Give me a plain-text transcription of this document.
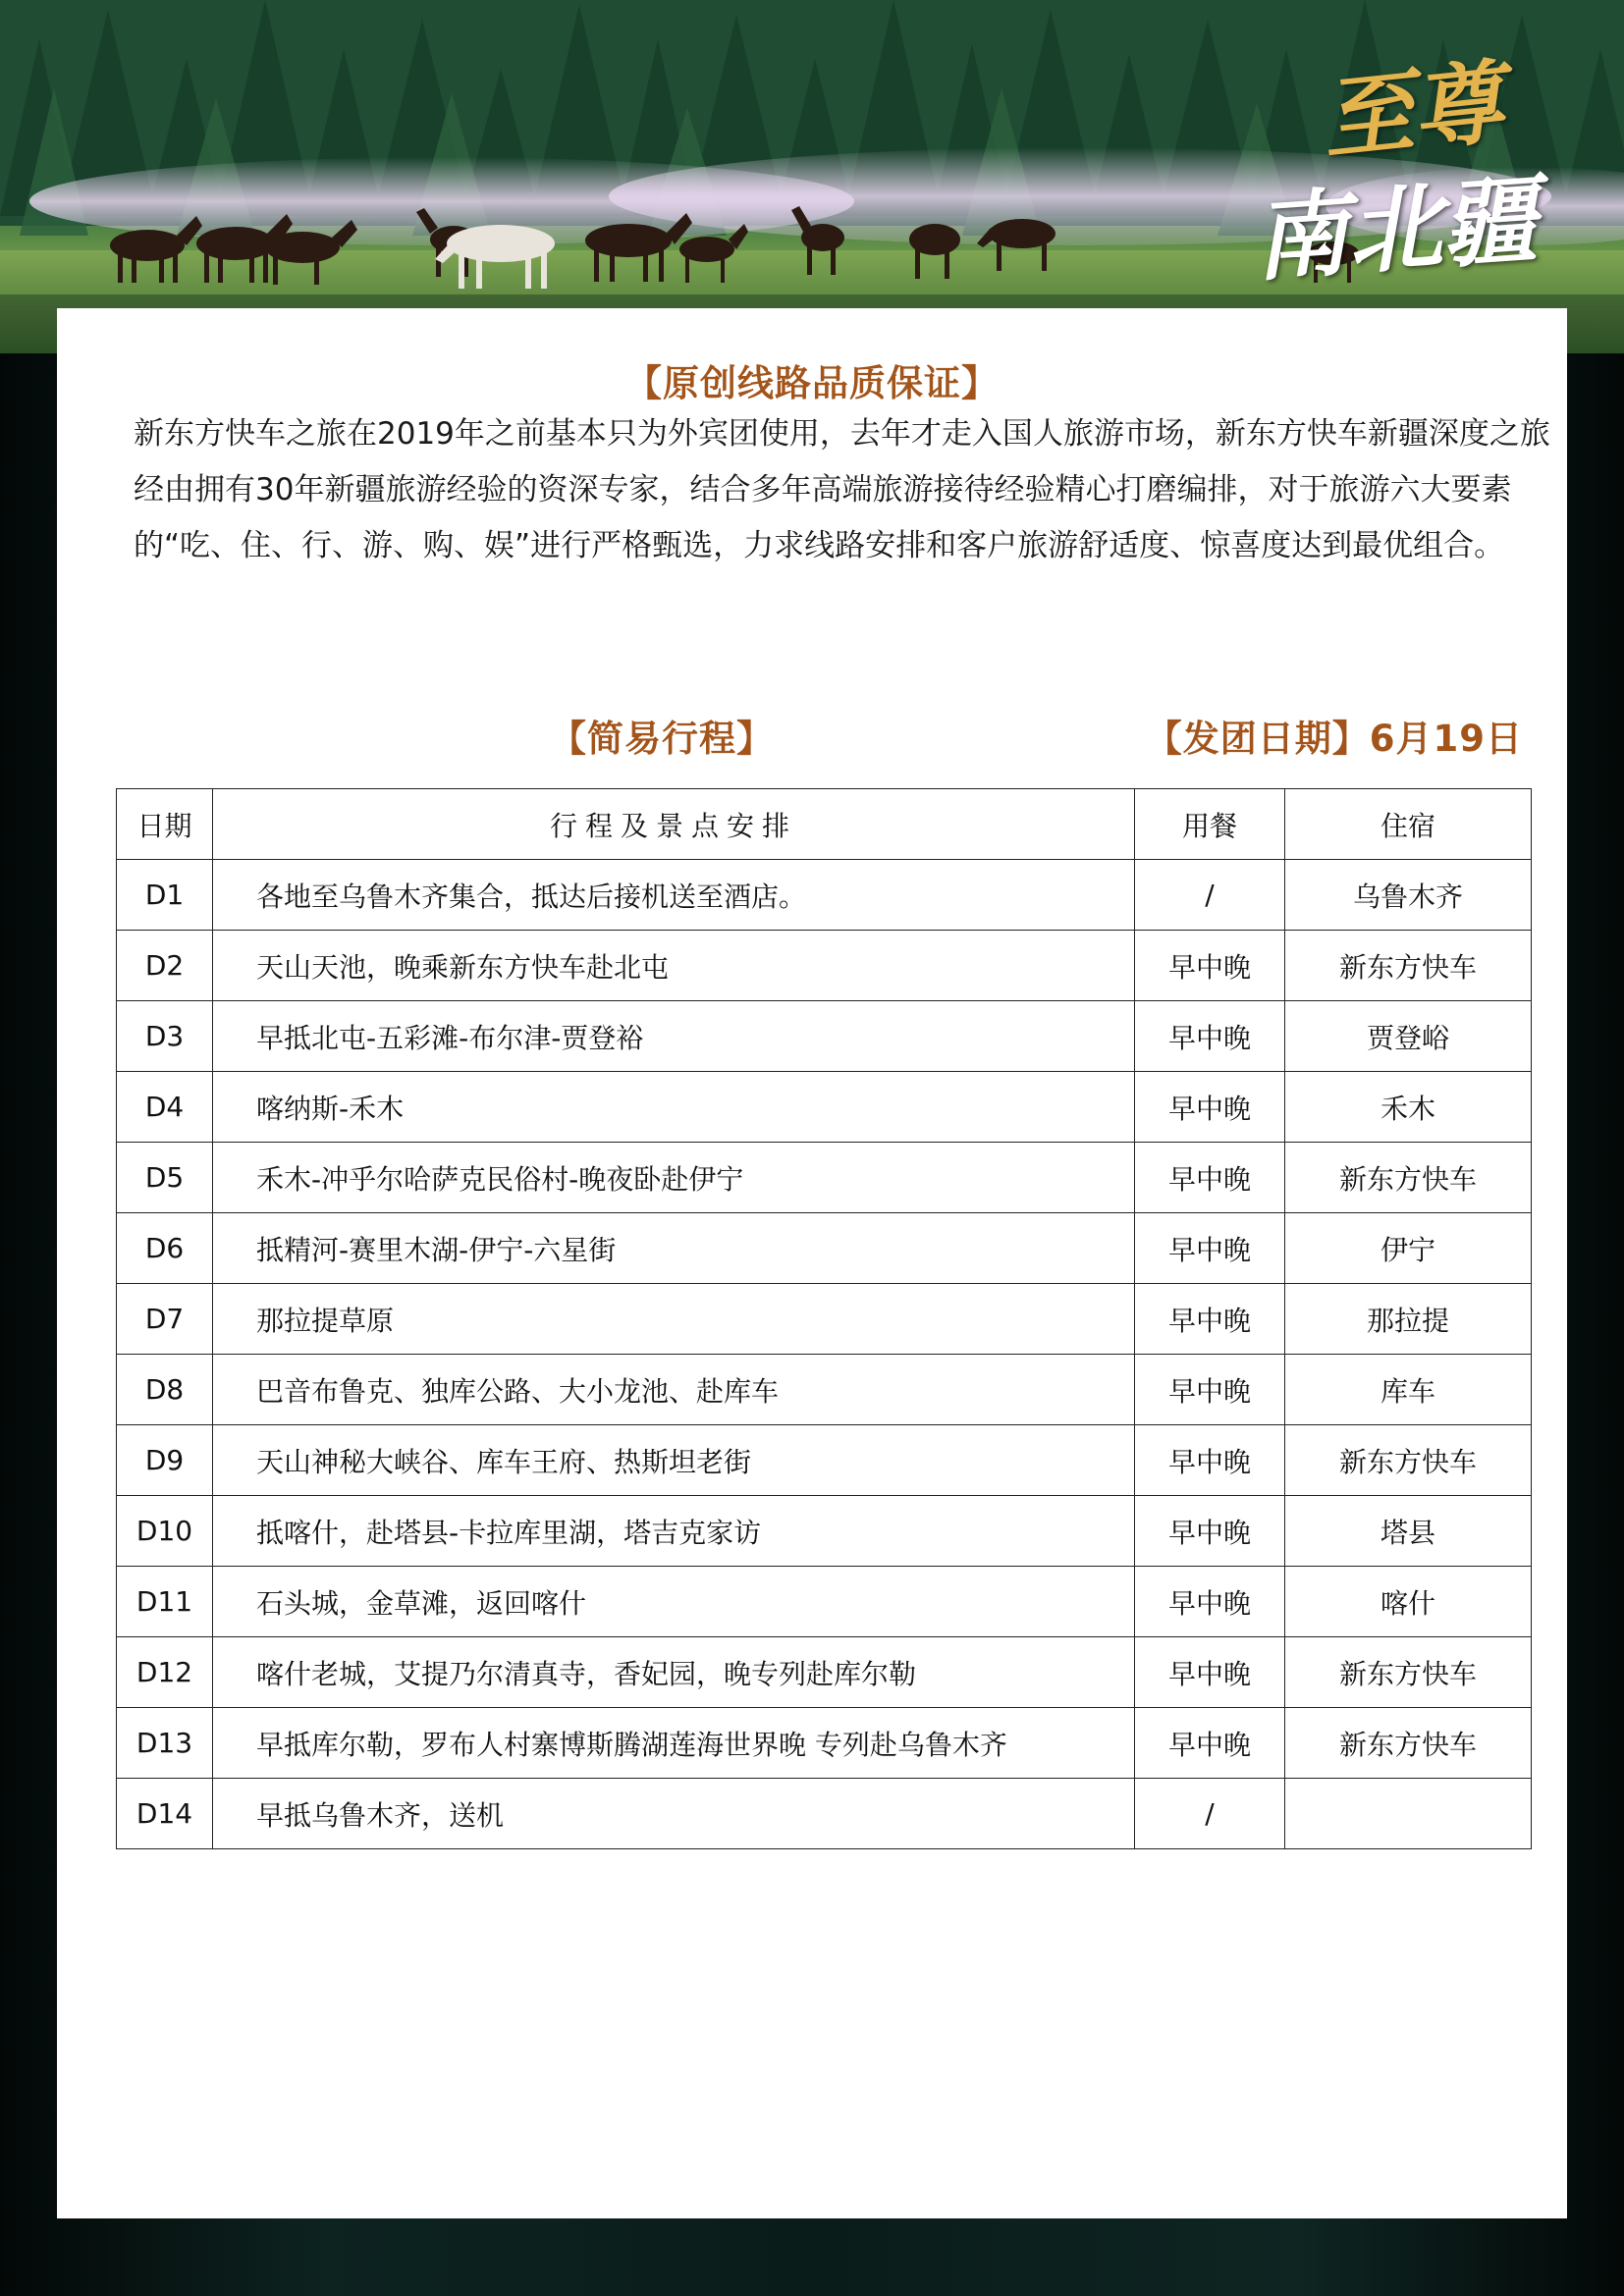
至尊
南北疆
【原创线路品质保证】

新东方快车之旅在2019年之前基本只为外宾团使用，去年才走入国人旅游市场，新东方快车新疆深度之旅经由拥有30年新疆旅游经验的资深专家，结合多年高端旅游接待经验精心打磨编排，对于旅游六大要素的“吃、住、行、游、购、娱”进行严格甄选，力求线路安排和客户旅游舒适度、惊喜度达到最优组合。

【简易行程】	【发团日期】6月19日
日期	行程及景点安排	用餐	住宿
D1	各地至乌鲁木齐集合，抵达后接机送至酒店。	/	乌鲁木齐
D2	天山天池，晚乘新东方快车赴北屯	早中晚	新东方快车
D3	早抵北屯-五彩滩-布尔津-贾登裕	早中晚	贾登峪
D4	喀纳斯-禾木	早中晚	禾木
D5	禾木-冲乎尔哈萨克民俗村-晚夜卧赴伊宁	早中晚	新东方快车
D6	抵精河-赛里木湖-伊宁-六星街	早中晚	伊宁
D7	那拉提草原	早中晚	那拉提
D8	巴音布鲁克、独库公路、大小龙池、赴库车	早中晚	库车
D9	天山神秘大峡谷、库车王府、热斯坦老街	早中晚	新东方快车
D10	抵喀什，赴塔县-卡拉库里湖，塔吉克家访	早中晚	塔县
D11	石头城，金草滩，返回喀什	早中晚	喀什
D12	喀什老城，艾提乃尔清真寺，香妃园，晚专列赴库尔勒	早中晚	新东方快车
D13	早抵库尔勒，罗布人村寨博斯腾湖莲海世界晚 专列赴乌鲁木齐	早中晚	新东方快车
D14	早抵乌鲁木齐，送机	/	
